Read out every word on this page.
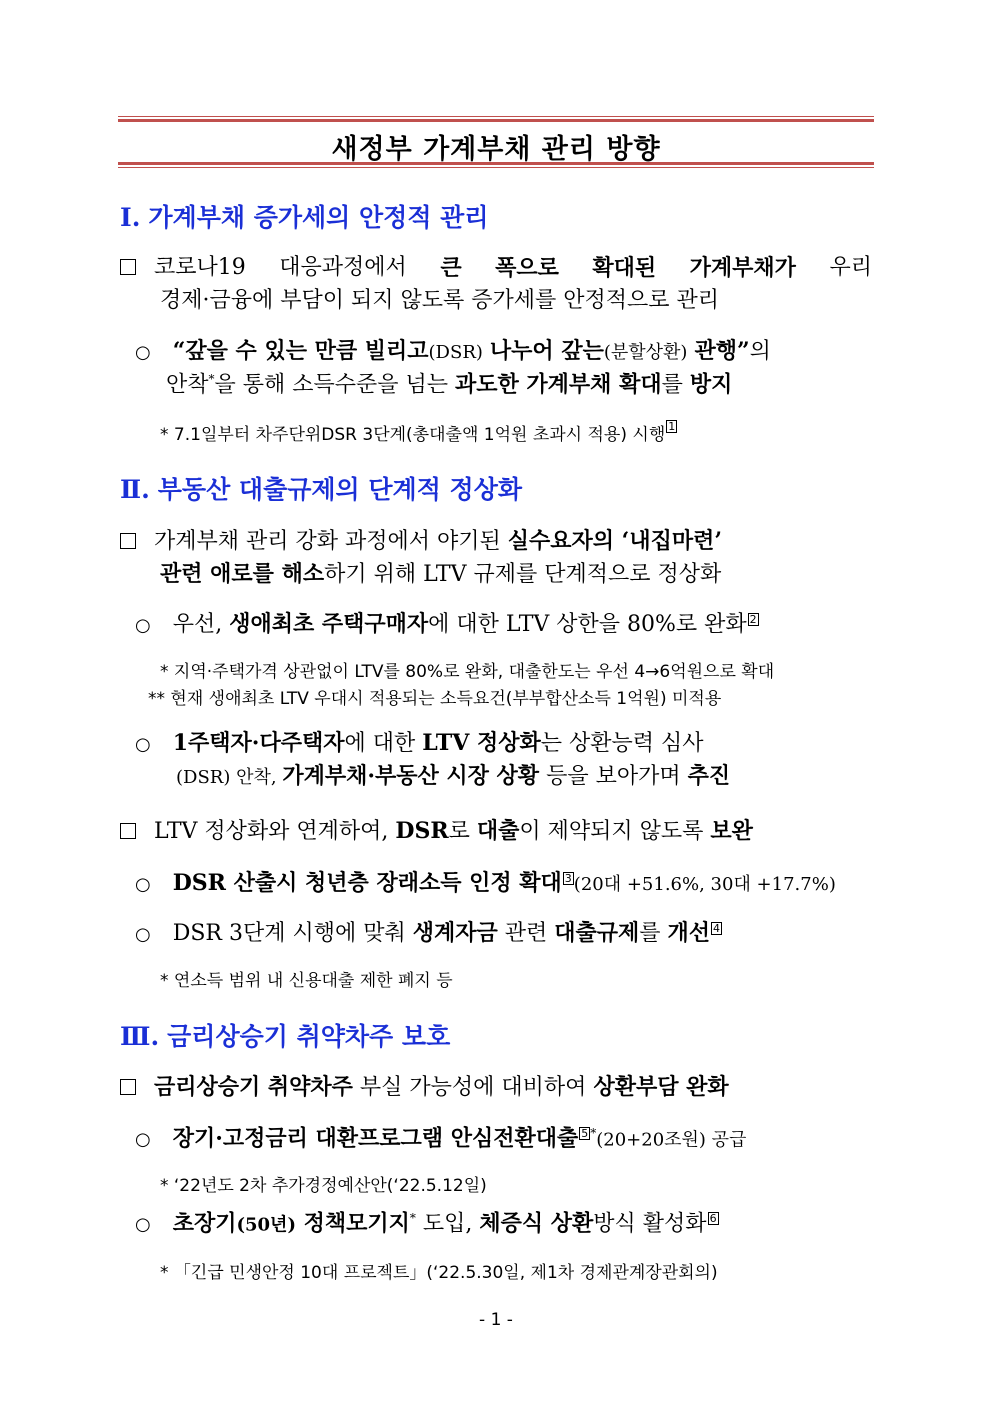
새정부 가계부채 관리 방향
Ⅰ. 가계부채 증가세의 안정적 관리
코로나19 대응과정에서 큰 폭으로 확대된 가계부채가 우리
경제·금융에 부담이 되지 않도록 증가세를 안정적으로 관리
○ “갚을 수 있는 만큼 빌리고(DSR) 나누어 갚는(분할상환) 관행”의
안착*을 통해 소득수준을 넘는 과도한 가계부채 확대를 방지
* 7.1일부터 차주단위DSR 3단계(총대출액 1억원 초과시 적용) 시행 1
Ⅱ. 부동산 대출규제의 단계적 정상화
가계부채 관리 강화 과정에서 야기된 실수요자의 ‘내집마련’
관련 애로를 해소하기 위해 LTV 규제를 단계적으로 정상화
○ 우선, 생애최초 주택구매자에 대한 LTV 상한을 80%로 완화 2
* 지역·주택가격 상관없이 LTV를 80%로 완화, 대출한도는 우선 4→6억원으로 확대
** 현재 생애최초 LTV 우대시 적용되는 소득요건(부부합산소득 1억원) 미적용
○ 1주택자·다주택자에 대한 LTV 정상화는 상환능력 심사
(DSR) 안착, 가계부채·부동산 시장 상황 등을 보아가며 추진
LTV 정상화와 연계하여, DSR로 대출이 제약되지 않도록 보완
○ DSR 산출시 청년층 장래소득 인정 확대 3 (20대 +51.6%, 30대 +17.7%)
○ DSR 3단계 시행에 맞춰 생계자금 관련 대출규제를 개선 4
* 연소득 범위 내 신용대출 제한 폐지 등
Ⅲ. 금리상승기 취약차주 보호
금리상승기 취약차주 부실 가능성에 대비하여 상환부담 완화
○ 장기·고정금리 대환프로그램 안심전환대출 5 *(20+20조원) 공급
* ‘22년도 2차 추가경정예산안(‘22.5.12일)
○ 초장기(50년) 정책모기지* 도입, 체증식 상환방식 활성화 6
* 「긴급 민생안정 10대 프로젝트」(‘22.5.30일, 제1차 경제관계장관회의)
- 1 -
